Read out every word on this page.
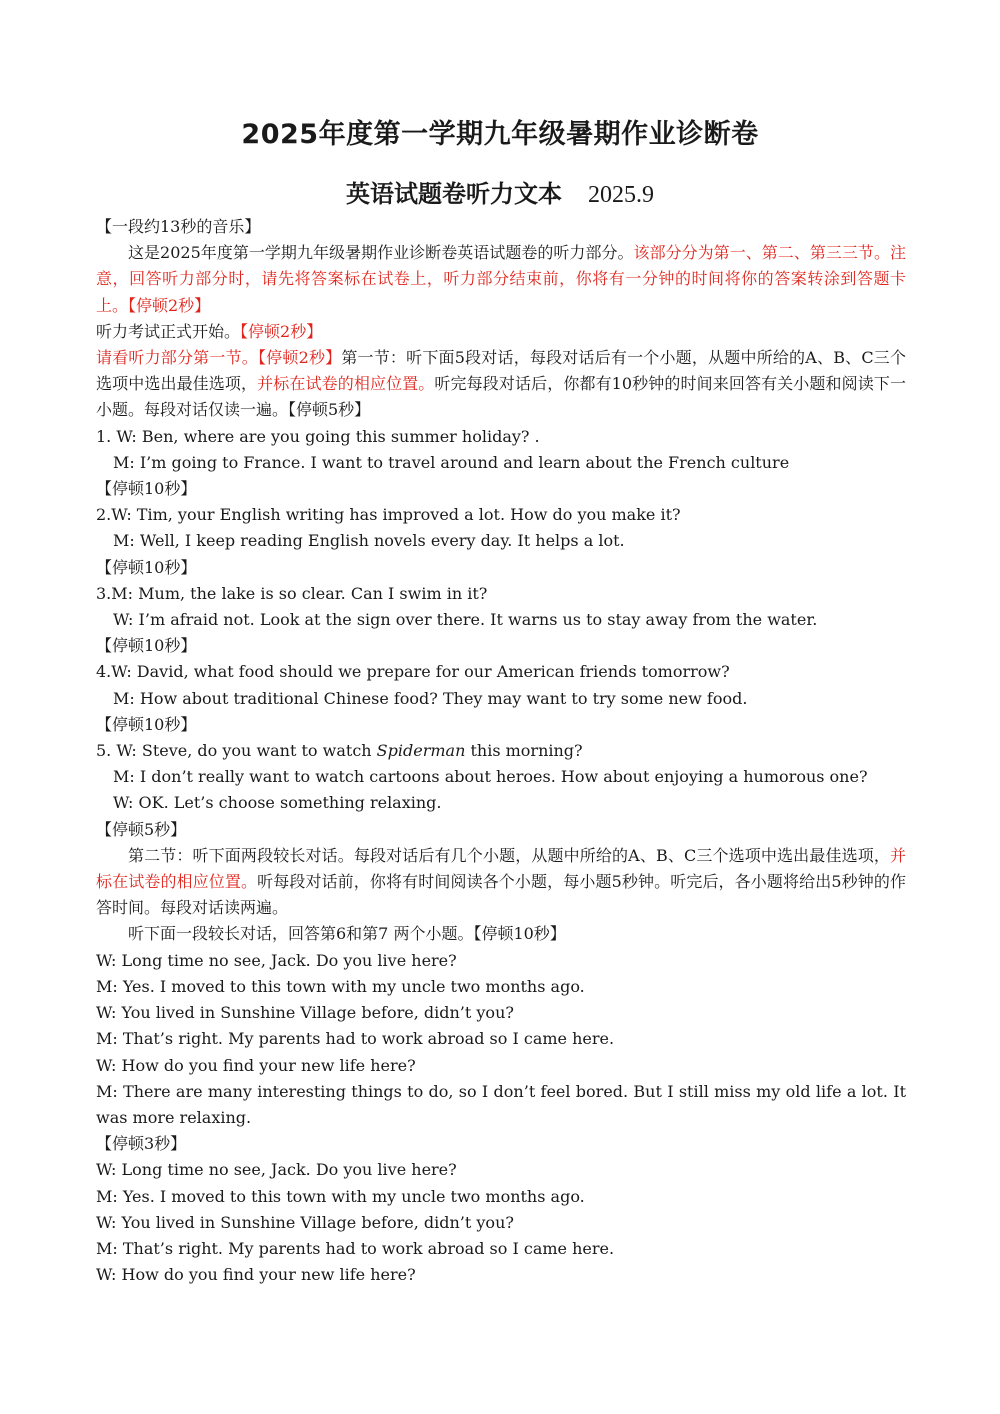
2025年度第一学期九年级暑期作业诊断卷
英语试题卷听力文本 2025.9
【一段约13秒的音乐】
这是2025年度第一学期九年级暑期作业诊断卷英语试题卷的听力部分。该部分分为第一、第二、第三三节。注意，回答听力部分时，请先将答案标在试卷上，听力部分结束前，你将有一分钟的时间将你的答案转涂到答题卡上。【停顿2秒】
听力考试正式开始。【停顿2秒】
请看听力部分第一节。【停顿2秒】第一节：听下面5段对话，每段对话后有一个小题，从题中所给的A、B、C三个选项中选出最佳选项，并标在试卷的相应位置。听完每段对话后，你都有10秒钟的时间来回答有关小题和阅读下一小题。每段对话仅读一遍。【停顿5秒】
1. W: Ben, where are you going this summer holiday? .
M: I’m going to France. I want to travel around and learn about the French culture
【停顿10秒】
2.W: Tim, your English writing has improved a lot. How do you make it?
M: Well, I keep reading English novels every day. It helps a lot.
【停顿10秒】
3.M: Mum, the lake is so clear. Can I swim in it?
W: I’m afraid not. Look at the sign over there. It warns us to stay away from the water.
【停顿10秒】
4.W: David, what food should we prepare for our American friends tomorrow?
M: How about traditional Chinese food? They may want to try some new food.
【停顿10秒】
5. W: Steve, do you want to watch Spiderman this morning?
M: I don’t really want to watch cartoons about heroes. How about enjoying a humorous one?
W: OK. Let’s choose something relaxing.
【停顿5秒】
第二节：听下面两段较长对话。每段对话后有几个小题，从题中所给的A、B、C三个选项中选出最佳选项，并标在试卷的相应位置。听每段对话前，你将有时间阅读各个小题，每小题5秒钟。听完后，各小题将给出5秒钟的作答时间。每段对话读两遍。
听下面一段较长对话，回答第6和第7 两个小题。【停顿10秒】
W: Long time no see, Jack. Do you live here?
M: Yes. I moved to this town with my uncle two months ago.
W: You lived in Sunshine Village before, didn’t you?
M: That’s right. My parents had to work abroad so I came here.
W: How do you find your new life here?
M: There are many interesting things to do, so I don’t feel bored. But I still miss my old life a lot. It was more relaxing.
【停顿3秒】
W: Long time no see, Jack. Do you live here?
M: Yes. I moved to this town with my uncle two months ago.
W: You lived in Sunshine Village before, didn’t you?
M: That’s right. My parents had to work abroad so I came here.
W: How do you find your new life here?
